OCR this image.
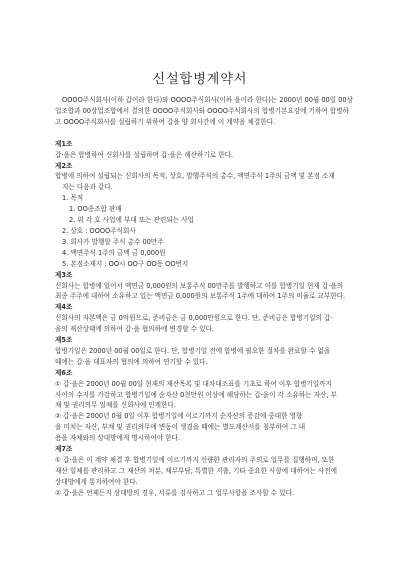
신설합병계약서

OOOO주식회사(이하 갑이라 한다)와 OOOO주식회사(이하 을이라 한다)는 2000년 00월 00일 00상업조합과 00상업조합에서 결의한 OOOO주식회사와 OOOO주식회사의 합병기본요강에 기하여 합병하고 OOOO주식회사를 설립하기 위하여 갑을 양 회사간에 이 계약을 체결한다.

제1조

갑·을은 합병하여 신회사를 설립하며 갑·을은 해산하기로 한다.

제2조

합병에 의하여 설립되는 신회사의 목적, 상호, 발행주식의 총수, 액면주식 1주의 금액 및 본점 소재

지는 다음과 같다.

1. 목적

1. OO종조합 판매

2. 위 각 호 사업에 부대 또는 관련되는 사업

2. 상호 : OOOO주식회사

3. 회사가 발행할 주식 총수 00만주

4. 액면주식 1주의 금액 금 0,000원

5. 본점소재지 : OO시 OO구 OO동 OO번지

제3조

신회사는 합병에 있어서 액면금 0,000원의 보통주식 00만주를 발행하고 이를 합병기일 현재 갑·을의

최종 주주에 대하여 소유하고 있는 액면금 0,000원의 보통주식 1주에 대하여 1주의 비율로 교부한다.

제4조

신회사의 자본액은 금 0억원으로, 준비금은 금 0,000만원으로 한다. 단, 준비금은 합병기일의 갑·

을의 재산상태에 의하여 갑·을 협의하에 변경할 수 있다.

제5조

합병기일은 2000년 00월 00일로 한다. 단, 합병기일 전에 합병에 필요한 절차를 완료할 수 없을

때에는 갑·을 대표자의 협의에 의하여 연기할 수 있다.

제6조

① 갑·을은 2000년 00월 00일 현재의 재산목록 및 대차대조표를 기초로 하여 이후 합병기일까지

사이의 수지를 가감하고 합병기일에 순자산 0천만원 이상에 해당하는 갑·을이 각 소유하는 자산, 부

채 및 권리의무 일체를 신회사에 인계한다.

② 갑·을은 2000년 0월 0일 이후 합병기일에 이르기까지 순자산의 증감에 중대한 영향

을 미치는 자산, 부채 및 권리의무에 변동이 생겼을 때에는 별도계산서를 첨부하여 그 내

용을 자체와의 상대방에게 명시하여야 한다.

제7조

① 갑·을은 이 계약 체결 후 합병기일에 이르기까지 선량한 관리자의 주의로 업무를 집행하며, 또한

재산 일체를 관리하고 그 재산의 처분, 채무부담, 특별한 지출, 기타 중요한 사항에 대하여는 사전에

상대방에게 통지하여야 한다.

② 갑·을은 언제든지 상대방의 경우, 서류를 검사하고 그 업무사항을 조사할 수 있다.
